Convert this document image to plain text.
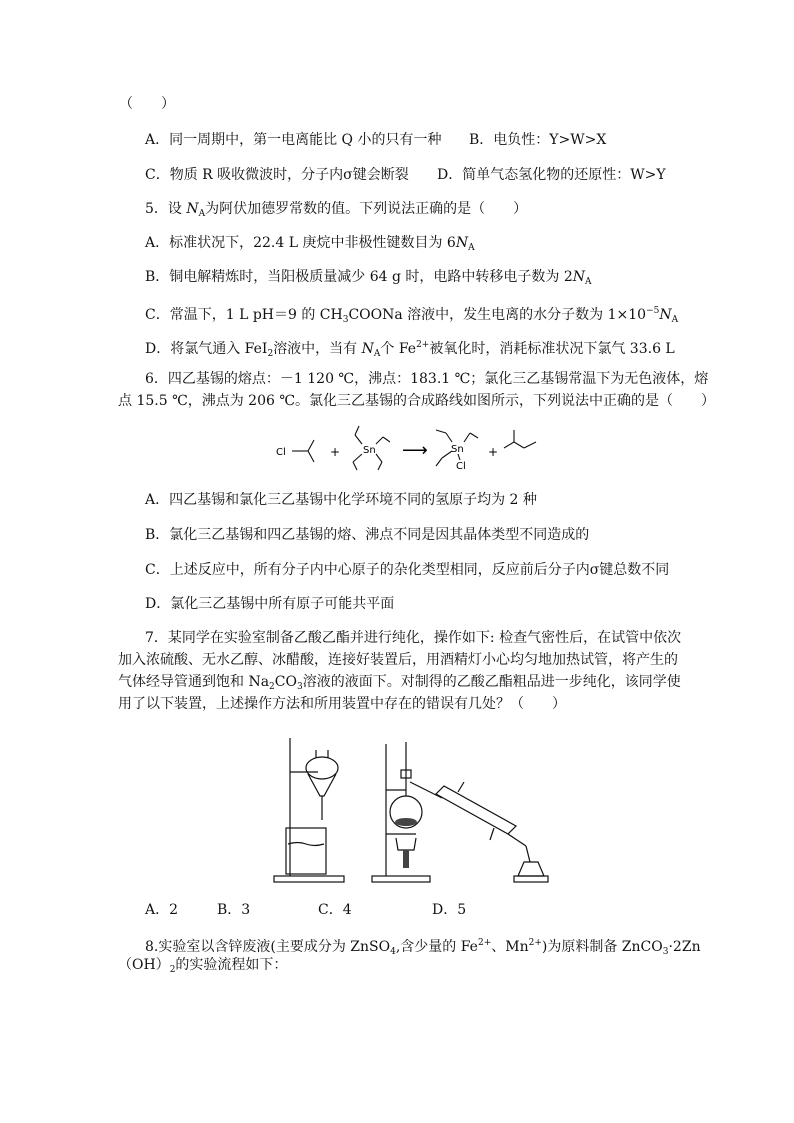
（　　）
A．同一周期中，第一电离能比 Q 小的只有一种 B．电负性：Y>W>X
C．物质 R 吸收微波时，分子内σ键会断裂 D．简单气态氢化物的还原性：W>Y
5．设 $N_A$为阿伏加德罗常数的值。下列说法正确的是（　　）
A．标准状况下，22.4 L 庚烷中非极性键数目为 $6N_A$
B．铜电解精炼时，当阳极质量减少 64 g 时，电路中转移电子数为 $2N_A$
C．常温下，1 L pH＝9 的 $CH_3COONa$ 溶液中，发生电离的水分子数为 $1\times 10^{-5}N_A$
D．将氯气通入 FeI$_2$溶液中，当有 $N_A$个 $Fe^{2+}$被氧化时，消耗标准状况下氯气 33.6 L
6．四乙基锡的熔点：－1 120 ℃，沸点：183.1 ℃；氯化三乙基锡常温下为无色液体，熔
点 15.5 ℃，沸点为 206 ℃。氯化三乙基锡的合成路线如图所示，下列说法中正确的是（　　）
Cl	+ Sn ⟶ Sn
Cl
+
A．四乙基锡和氯化三乙基锡中化学环境不同的氢原子均为 2 种
B．氯化三乙基锡和四乙基锡的熔、沸点不同是因其晶体类型不同造成的
C．上述反应中，所有分子内中心原子的杂化类型相同，反应前后分子内σ键总数不同
D．氯化三乙基锡中所有原子可能共平面
7．某同学在实验室制备乙酸乙酯并进行纯化，操作如下: 检查气密性后，在试管中依次
加入浓硫酸、无水乙醇、冰醋酸，连接好装置后，用酒精灯小心均匀地加热试管，将产生的
气体经导管通到饱和 $Na_2CO_3$溶液的液面下。对制得的乙酸乙酯粗品进一步纯化，该同学使
用了以下装置，上述操作方法和所用装置中存在的错误有几处？（　　）
A．2	B．3	C．4	D．5
8.实验室以含锌废液(主要成分为 ZnSO$_4$,含少量的 $Fe^{2+}$、$Mn^{2+}$)为原料制备 ZnCO$_3$·2Zn
$(OH)_2$的实验流程如下：
